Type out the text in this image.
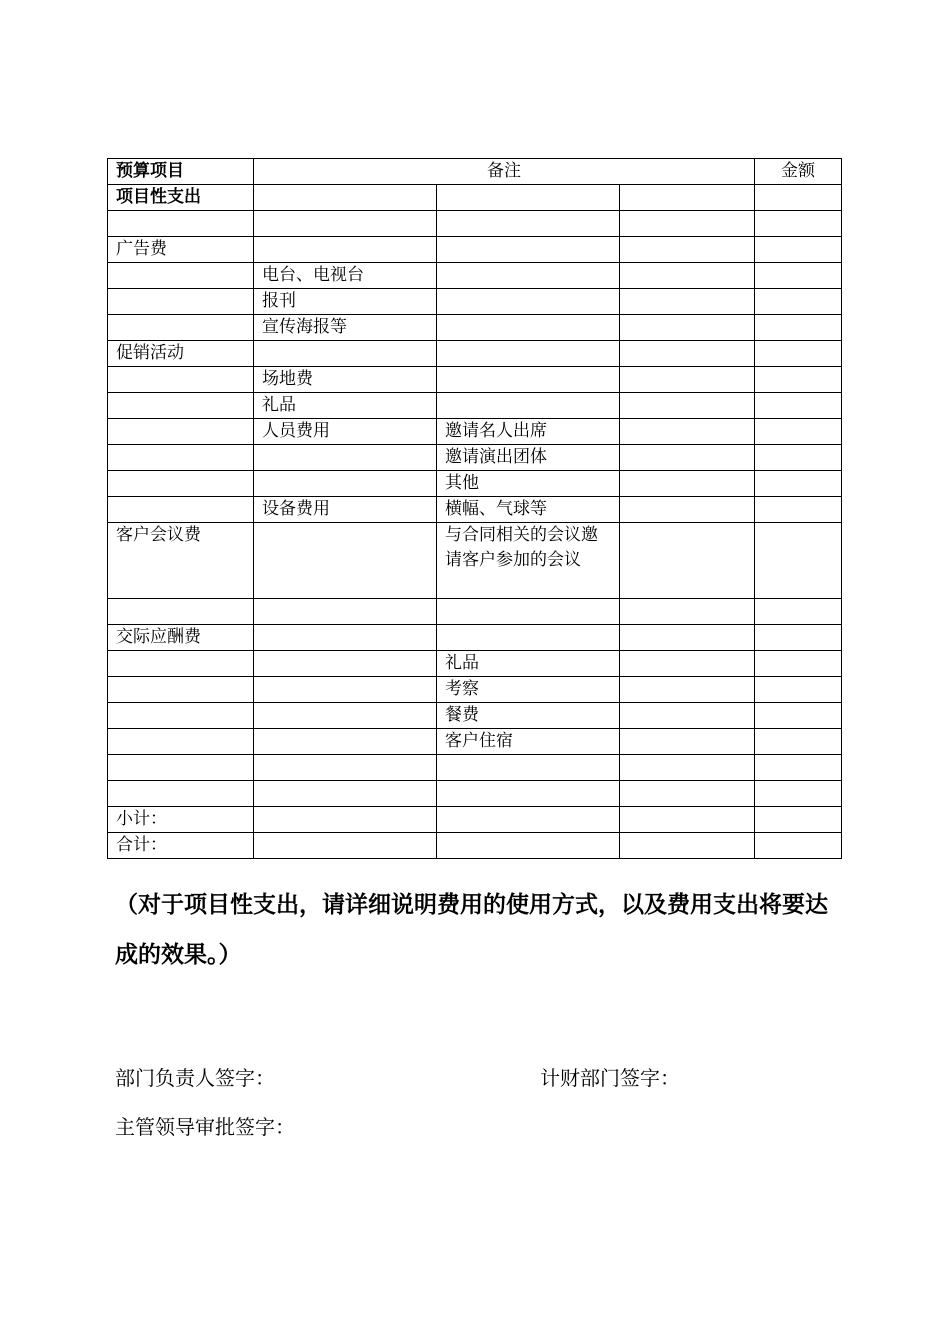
预算项目	备注			金额
项目性支出				

广告费				
	电台、电视台			
	报刊			
	宣传海报等			
促销活动				
	场地费			
	礼品			
	人员费用	邀请名人出席		
		邀请演出团体		
		其他		
	设备费用	横幅、气球等		
客户会议费		与合同相关的会议邀请客户参加的会议		

交际应酬费				
		礼品		
		考察		
		餐费		
		客户住宿		

小计：				
合计：				

（对于项目性支出，请详细说明费用的使用方式，以及费用支出将要达成的效果。）

部门负责人签字：	计财部门签字：

主管领导审批签字：
